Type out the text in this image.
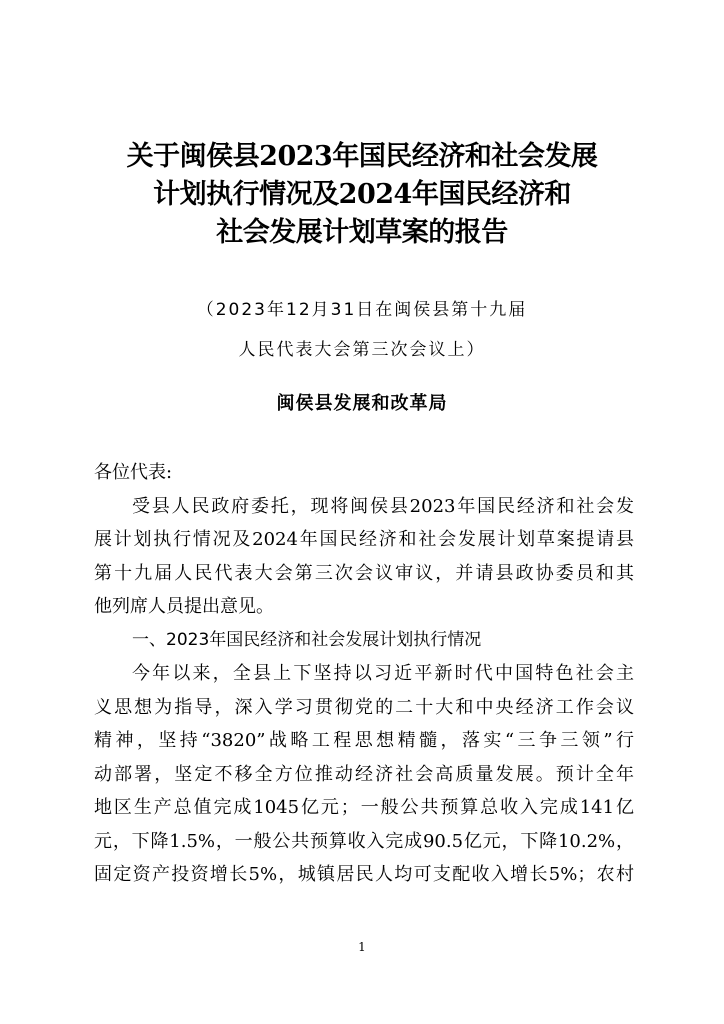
关于闽侯县2023年国民经济和社会发展
计划执行情况及2024年国民经济和
社会发展计划草案的报告
（2023年12月31日在闽侯县第十九届
人民代表大会第三次会议上）
闽侯县发展和改革局
各位代表:
受县人民政府委托，现将闽侯县2023年国民经济和社会发
展计划执行情况及2024年国民经济和社会发展计划草案提请县
第十九届人民代表大会第三次会议审议，并请县政协委员和其
他列席人员提出意见。
一、2023年国民经济和社会发展计划执行情况
今年以来，全县上下坚持以习近平新时代中国特色社会主
义思想为指导，深入学习贯彻党的二十大和中央经济工作会议
精神，坚持“3820”战略工程思想精髓，落实“三争三领”行
动部署，坚定不移全方位推动经济社会高质量发展。预计全年
地区生产总值完成1045亿元；一般公共预算总收入完成141亿
元，下降1.5%，一般公共预算收入完成90.5亿元，下降10.2%，
固定资产投资增长5%，城镇居民人均可支配收入增长5%；农村
1
